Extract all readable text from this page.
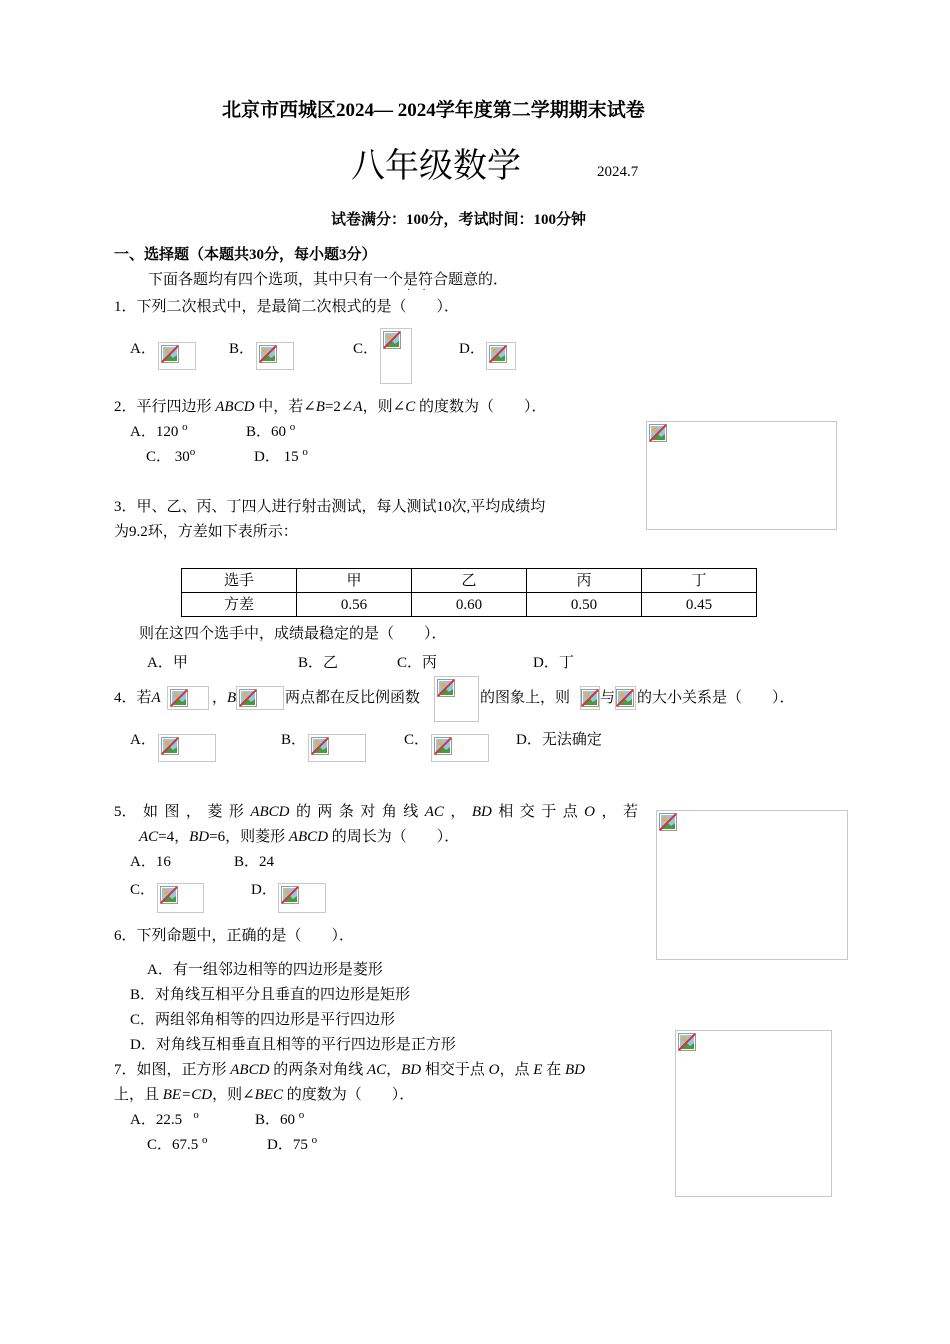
北京市西城区2024— 2024学年度第二学期期末试卷
八年级数学	2024.7
试卷满分：100分，考试时间：100分钟
一、选择题（本题共30分，每小题3分）
下面各题均有四个选项，其中只有一个是符合题意的．
··
1．下列二次根式中，是最简二次根式的是（　　）．
A．	B．	C．	D．
2．平行四边形 ABCD 中，若∠B=2∠A，则∠C 的度数为（　　）．
A．120 $^o$	B．60 $^o$
C． 30$^o$	D． 15 $^o$
3．甲、乙、丙、丁四人进行射击测试，每人测试10次,平均成绩均
为9.2环，方差如下表所示：
选手	甲	乙	丙	丁
方差	0.56	0.60	0.50	0.45
则在这四个选手中，成绩最稳定的是（　　）．
A．甲	B．乙	C．丙	D．丁
4．若A	，B	两点都在反比例函数	的图象上，则 与 的大小关系是（　　）．
A．	B．	C．	D．无法确定
5． 如 图 ， 菱 形 ABCD 的 两 条 对 角 线 AC ， BD 相 交 于 点 O ， 若
AC=4，BD=6，则菱形 ABCD 的周长为（　　）．
A．16	B．24
C．	D．
6．下列命题中，正确的是（　　）．
A．有一组邻边相等的四边形是菱形
B．对角线互相平分且垂直的四边形是矩形
C．两组邻角相等的四边形是平行四边形
D．对角线互相垂直且相等的平行四边形是正方形
7．如图，正方形 ABCD 的两条对角线 AC，BD 相交于点 O，点 E 在 BD
上，且 BE=CD，则∠BEC 的度数为（　　）．
A．22.5 $^o$	B．60 $^o$
C．67.5 $^o$	D．75 $^o$
